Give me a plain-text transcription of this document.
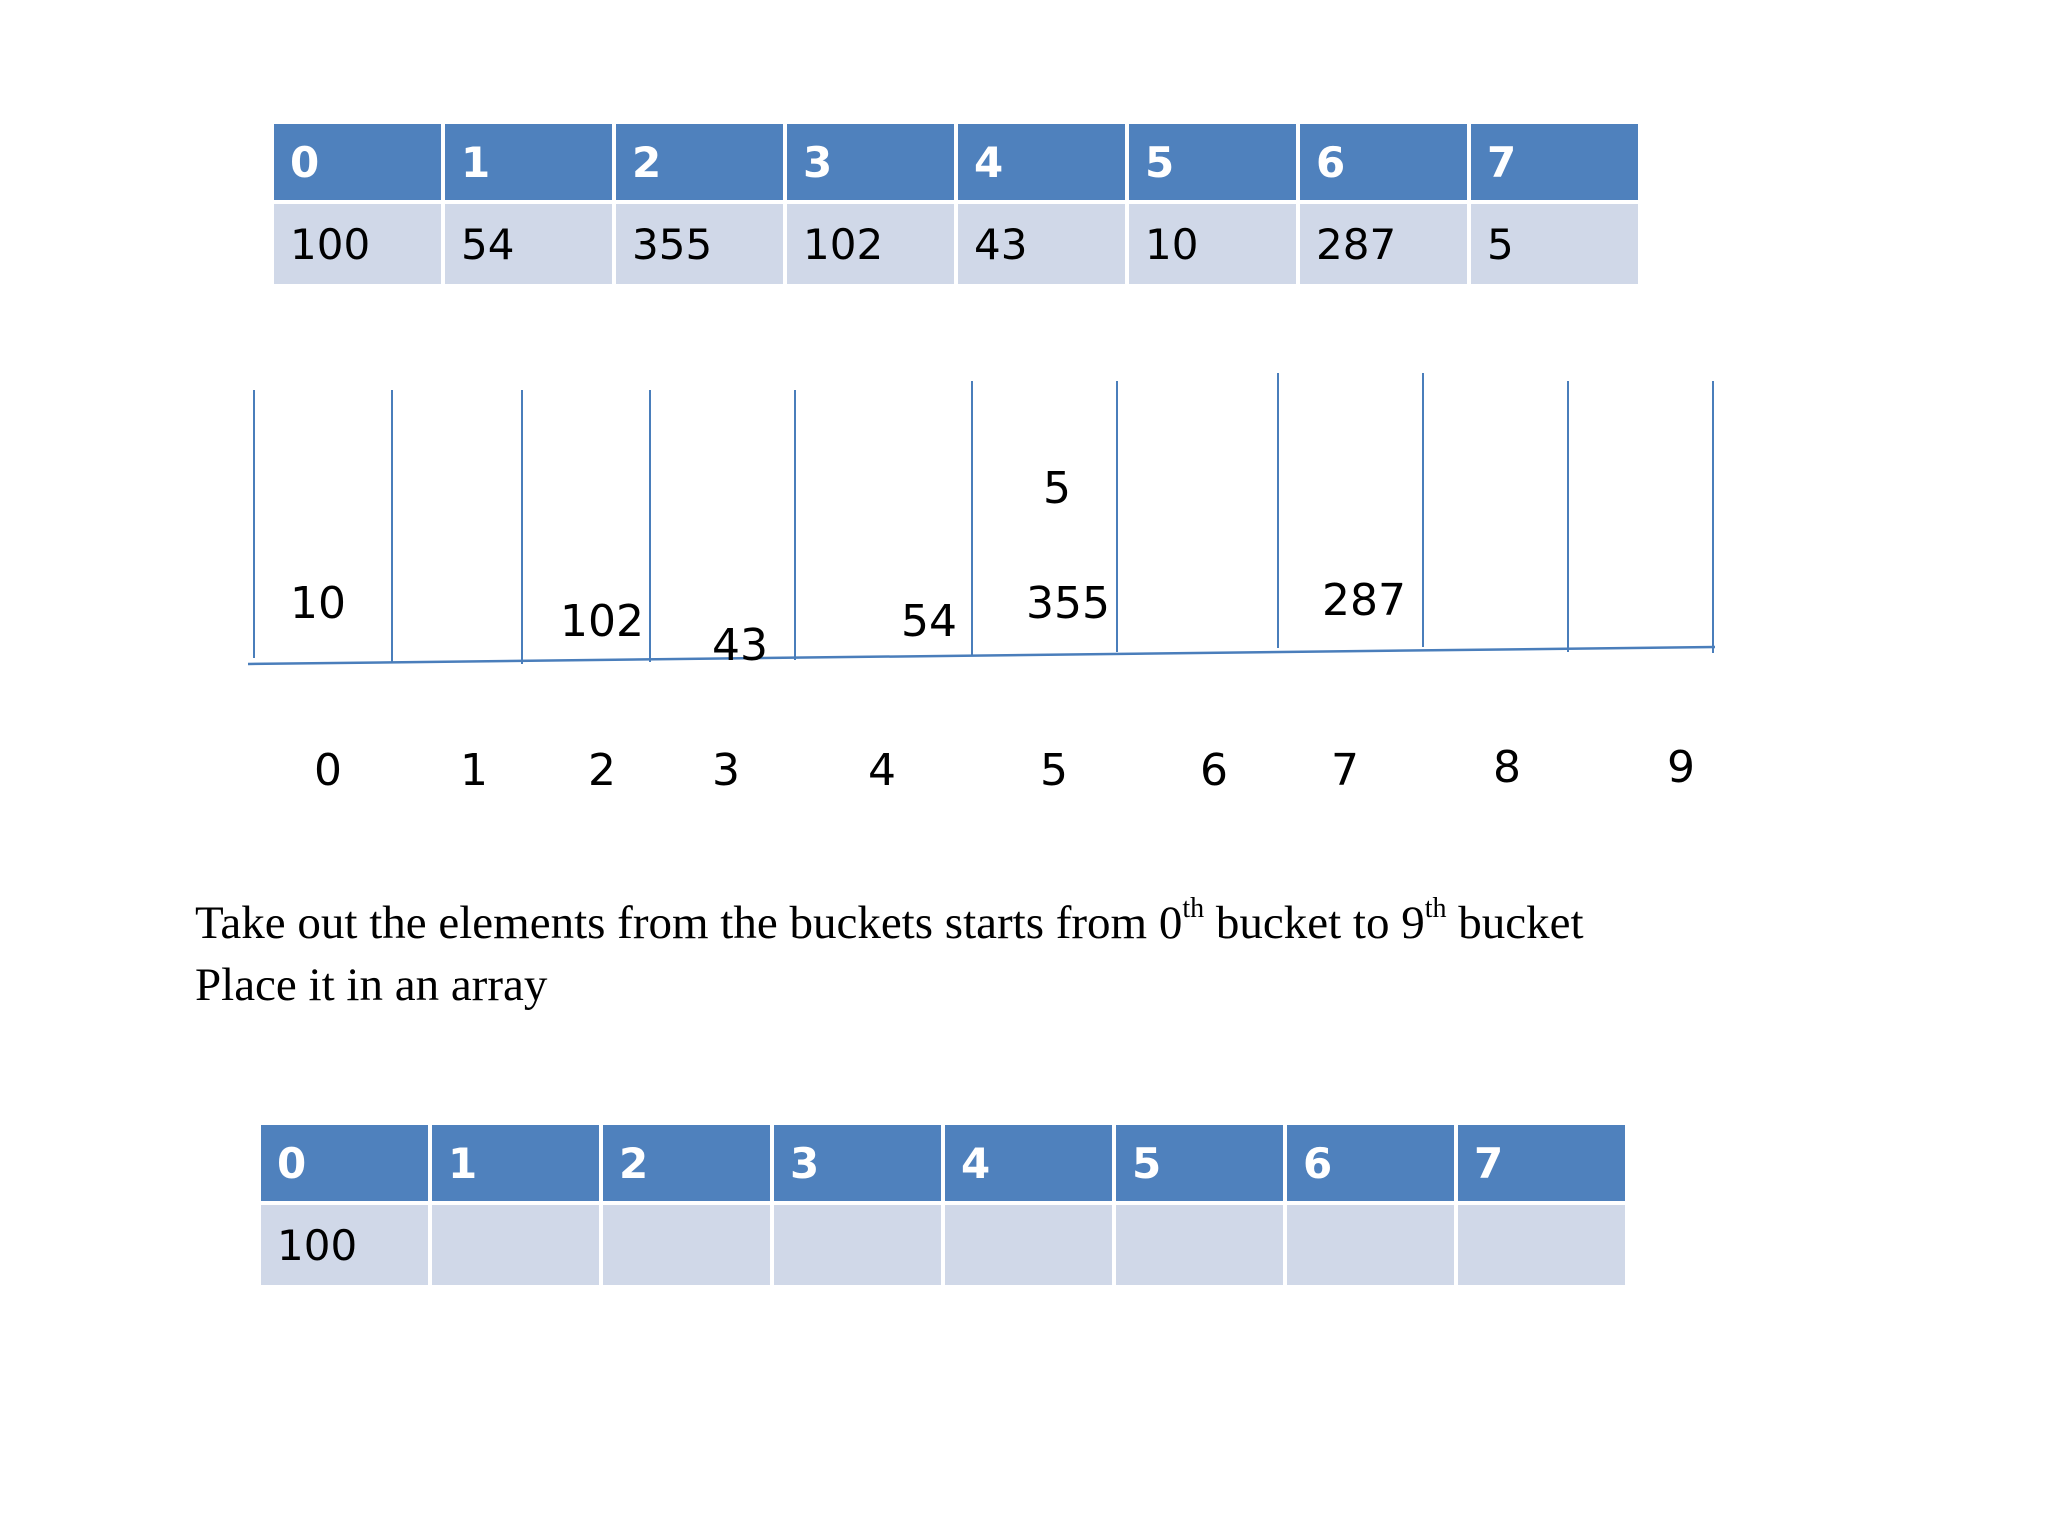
0	1	2	3	4	5	6	7
100	54	355	102	43	10	287	5
0	1 2 3	4	5	6 7	8	9
10	102 43	54 355
5
287
Take out the elements from the buckets starts from 0th bucket to 9th bucket
Place it in an array
0	1	2	3	4	5	6	7
100							
